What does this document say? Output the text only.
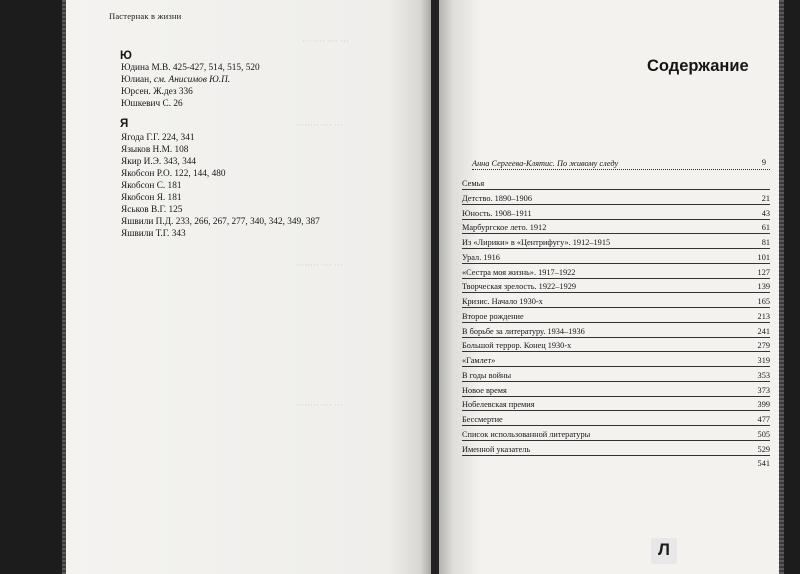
Пастернак в жизни
········ ···· ···
········ ···· ···
········ ···· ···
········ ···· ···
Ю
Юдина М.В. 425-427, 514, 515, 520
Юлиан, см. Анисимов Ю.П.
Юрсен. Ж.дез 336
Юшкевич С. 26
Я
Ягода Г.Г. 224, 341
Языков Н.М. 108
Якир И.Э. 343, 344
Якобсон Р.О. 122, 144, 480
Якобсон С. 181
Якобсон Я. 181
Яськов В.Г. 125
Яшвили П.Д. 233, 266, 267, 277, 340, 342, 349, 387
Яшвили Т.Г. 343
Содержание
Анна Сергеева-Клятис. По живому следу	9
Семья
Детство. 1890–1906	21
Юность. 1908–1911	43
Марбургское лето. 1912	61
Из «Лирики» в «Центрифугу». 1912–1915	81
Урал. 1916	101
«Сестра моя жизнь». 1917–1922	127
Творческая зрелость. 1922–1929	139
Кризис. Начало 1930-х	165
Второе рождение	213
В борьбе за литературу. 1934–1936	241
Большой террор. Конец 1930-х	279
«Гамлет»	319
В годы войны	353
Новое время	373
Нобелевская премия	399
Бессмертие	477
Список использованной литературы	505
Именной указатель	529
541
Л
